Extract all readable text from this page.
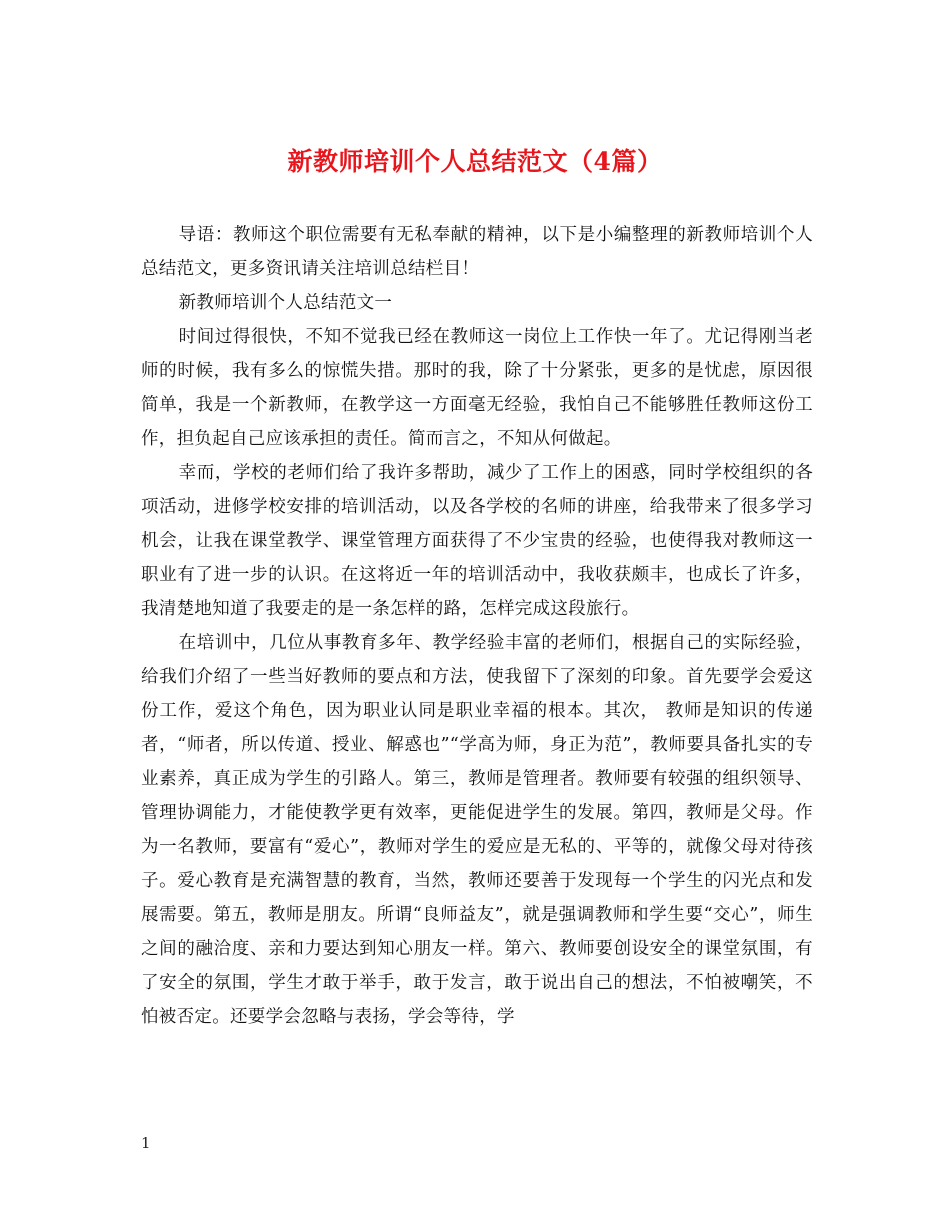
新教师培训个人总结范文（4篇）

导语：教师这个职位需要有无私奉献的精神，以下是小编整理的新教师培训个人总结范文，更多资讯请关注培训总结栏目！

新教师培训个人总结范文一

时间过得很快，不知不觉我已经在教师这一岗位上工作快一年了。尤记得刚当老师的时候，我有多么的惊慌失措。那时的我，除了十分紧张，更多的是忧虑，原因很简单，我是一个新教师，在教学这一方面毫无经验，我怕自己不能够胜任教师这份工作，担负起自己应该承担的责任。简而言之，不知从何做起。

幸而，学校的老师们给了我许多帮助，减少了工作上的困惑，同时学校组织的各项活动，进修学校安排的培训活动，以及各学校的名师的讲座，给我带来了很多学习机会，让我在课堂教学、课堂管理方面获得了不少宝贵的经验，也使得我对教师这一职业有了进一步的认识。在这将近一年的培训活动中，我收获颇丰，也成长了许多，我清楚地知道了我要走的是一条怎样的路，怎样完成这段旅行。

在培训中，几位从事教育多年、教学经验丰富的老师们，根据自己的实际经验，给我们介绍了一些当好教师的要点和方法，使我留下了深刻的印象。首先要学会爱这份工作，爱这个角色，因为职业认同是职业幸福的根本。其次， 教师是知识的传递者，“师者，所以传道、授业、解惑也”“学高为师，身正为范”，教师要具备扎实的专业素养，真正成为学生的引路人。第三，教师是管理者。教师要有较强的组织领导、管理协调能力，才能使教学更有效率，更能促进学生的发展。第四，教师是父母。作为一名教师，要富有“爱心”，教师对学生的爱应是无私的、平等的，就像父母对待孩子。爱心教育是充满智慧的教育，当然，教师还要善于发现每一个学生的闪光点和发展需要。第五，教师是朋友。所谓“良师益友”，就是强调教师和学生要“交心”，师生之间的融洽度、亲和力要达到知心朋友一样。第六、教师要创设安全的课堂氛围，有了安全的氛围，学生才敢于举手，敢于发言，敢于说出自己的想法，不怕被嘲笑，不怕被否定。还要学会忽略与表扬，学会等待，学

1
